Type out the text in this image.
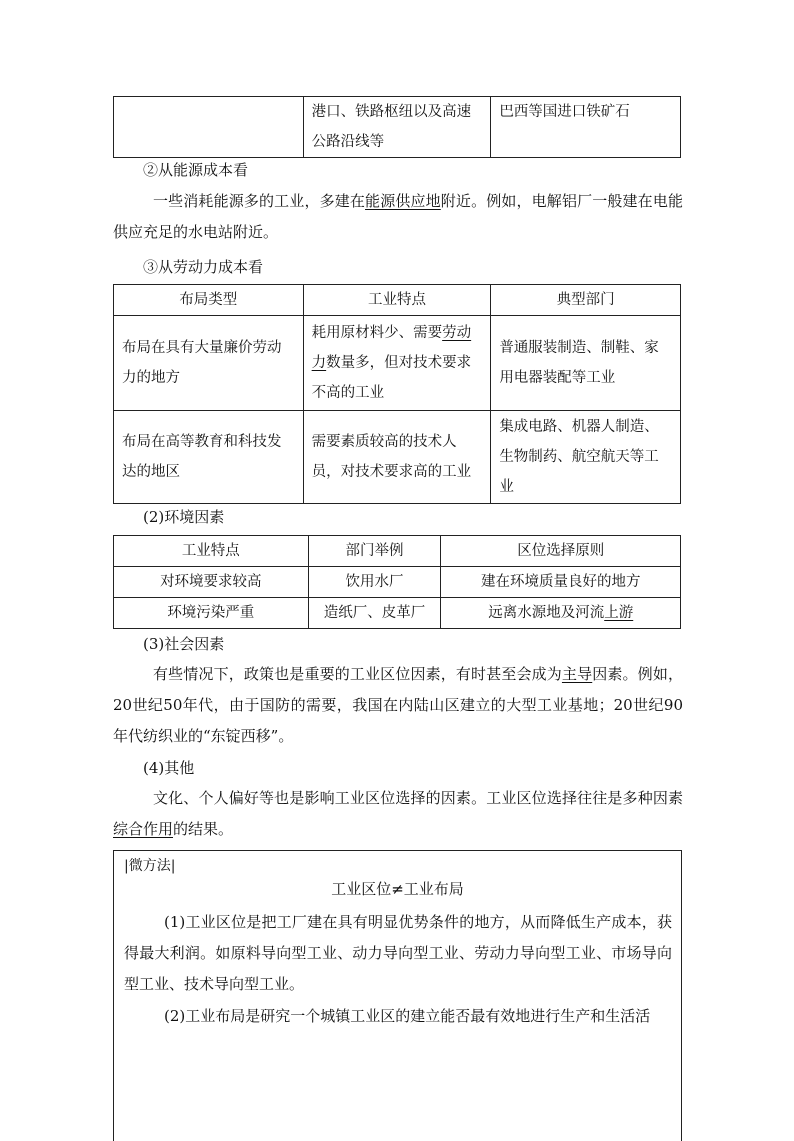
	港口、铁路枢纽以及高速公路沿线等	巴西等国进口铁矿石
②从能源成本看

一些消耗能源多的工业，多建在能源供应地附近。例如，电解铝厂一般建在电能供应充足的水电站附近。

③从劳动力成本看
布局类型	工业特点	典型部门
布局在具有大量廉价劳动力的地方	耗用原材料少、需要劳动力数量多，但对技术要求不高的工业	普通服装制造、制鞋、家用电器装配等工业
布局在高等教育和科技发达的地区	需要素质较高的技术人员，对技术要求高的工业	集成电路、机器人制造、生物制药、航空航天等工业
(2)环境因素
工业特点	部门举例	区位选择原则
对环境要求较高	饮用水厂	建在环境质量良好的地方
环境污染严重	造纸厂、皮革厂	远离水源地及河流上游
(3)社会因素

有些情况下，政策也是重要的工业区位因素，有时甚至会成为主导因素。例如，20世纪50年代，由于国防的需要，我国在内陆山区建立的大型工业基地；20世纪90年代纺织业的“东锭西移”。

(4)其他

文化、个人偏好等也是影响工业区位选择的因素。工业区位选择往往是多种因素综合作用的结果。

|微方法|
工业区位≠工业布局

(1)工业区位是把工厂建在具有明显优势条件的地方，从而降低生产成本，获得最大利润。如原料导向型工业、动力导向型工业、劳动力导向型工业、市场导向型工业、技术导向型工业。

(2)工业布局是研究一个城镇工业区的建立能否最有效地进行生产和生活活
